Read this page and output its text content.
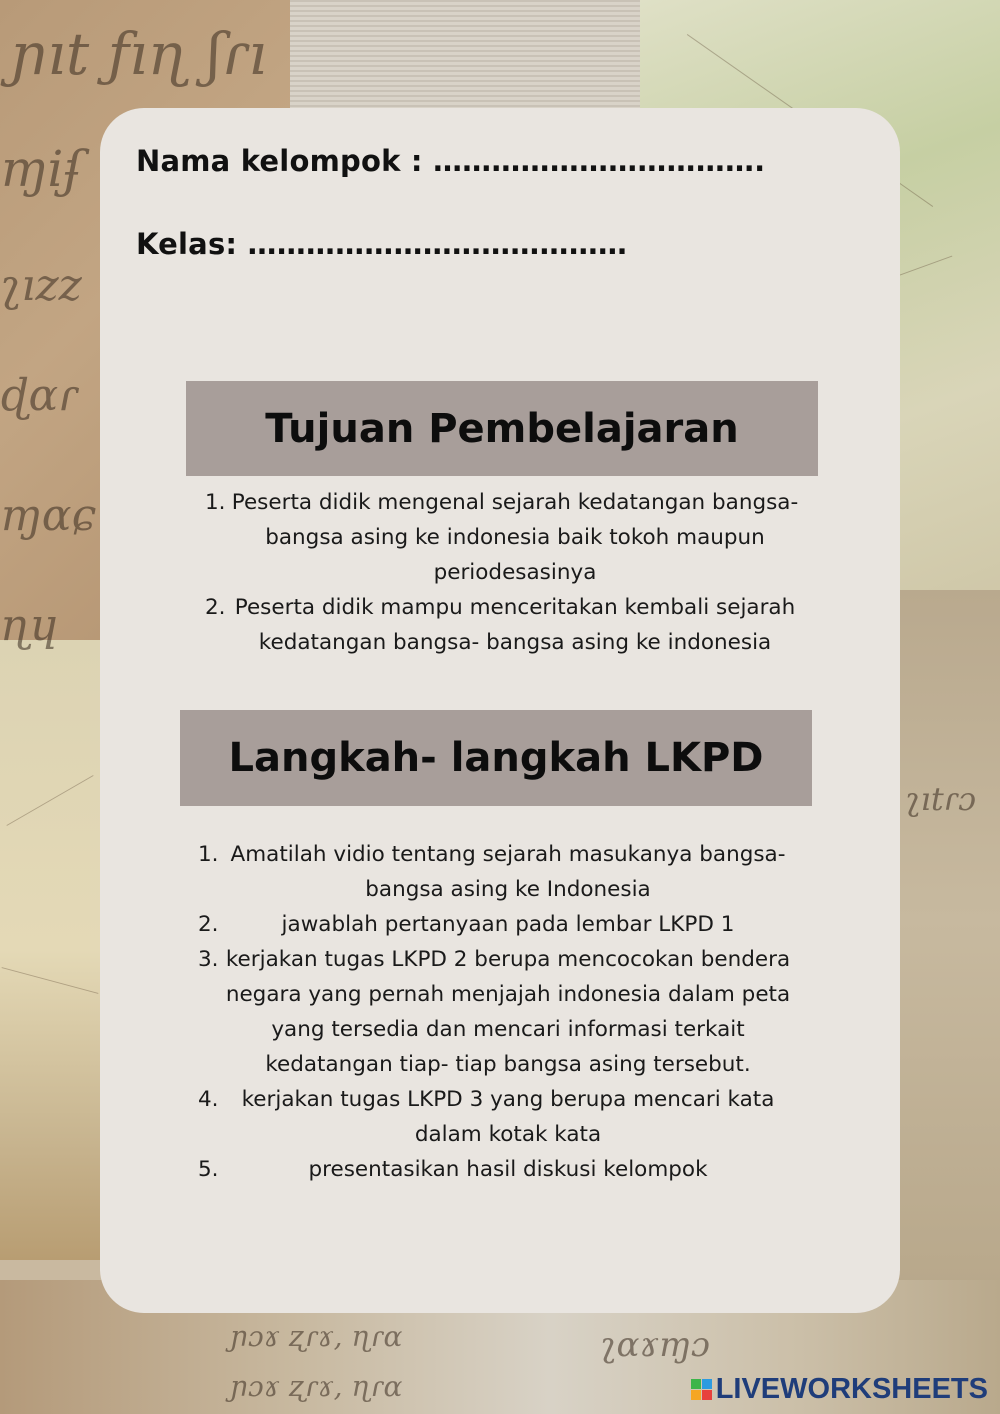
ɲıt ƒıɳ ʃɾı
ɱiʄ
ʅızz
ɖɑɾ
ɱɑɕ
ɳɥ
ʅıtɾɔ
ɲɔɤ ʐɾɤ, ɳɾɑ
ɲɔɤ ʐɾɤ, ɳɾɑ
ʅɑɤɱɔ
Nama kelompok : …………………………….
Kelas: …………………………………
Tujuan Pembelajaran
1. Peserta didik mengenal sejarah kedatangan bangsa-
bangsa asing ke indonesia baik tokoh maupun
periodesasinya
2. Peserta didik mampu menceritakan kembali sejarah
kedatangan bangsa- bangsa asing ke indonesia
Langkah- langkah LKPD
1. Amatilah vidio tentang sejarah masukanya bangsa-
bangsa asing ke Indonesia
2.	jawablah pertanyaan pada lembar LKPD 1
3. kerjakan tugas LKPD 2 berupa mencocokan bendera
negara yang pernah menjajah indonesia dalam peta
yang tersedia dan mencari informasi terkait
kedatangan tiap- tiap bangsa asing tersebut.
4.	kerjakan tugas LKPD 3 yang berupa mencari kata
dalam kotak kata
5.	presentasikan hasil diskusi kelompok
LIVEWORKSHEETS
